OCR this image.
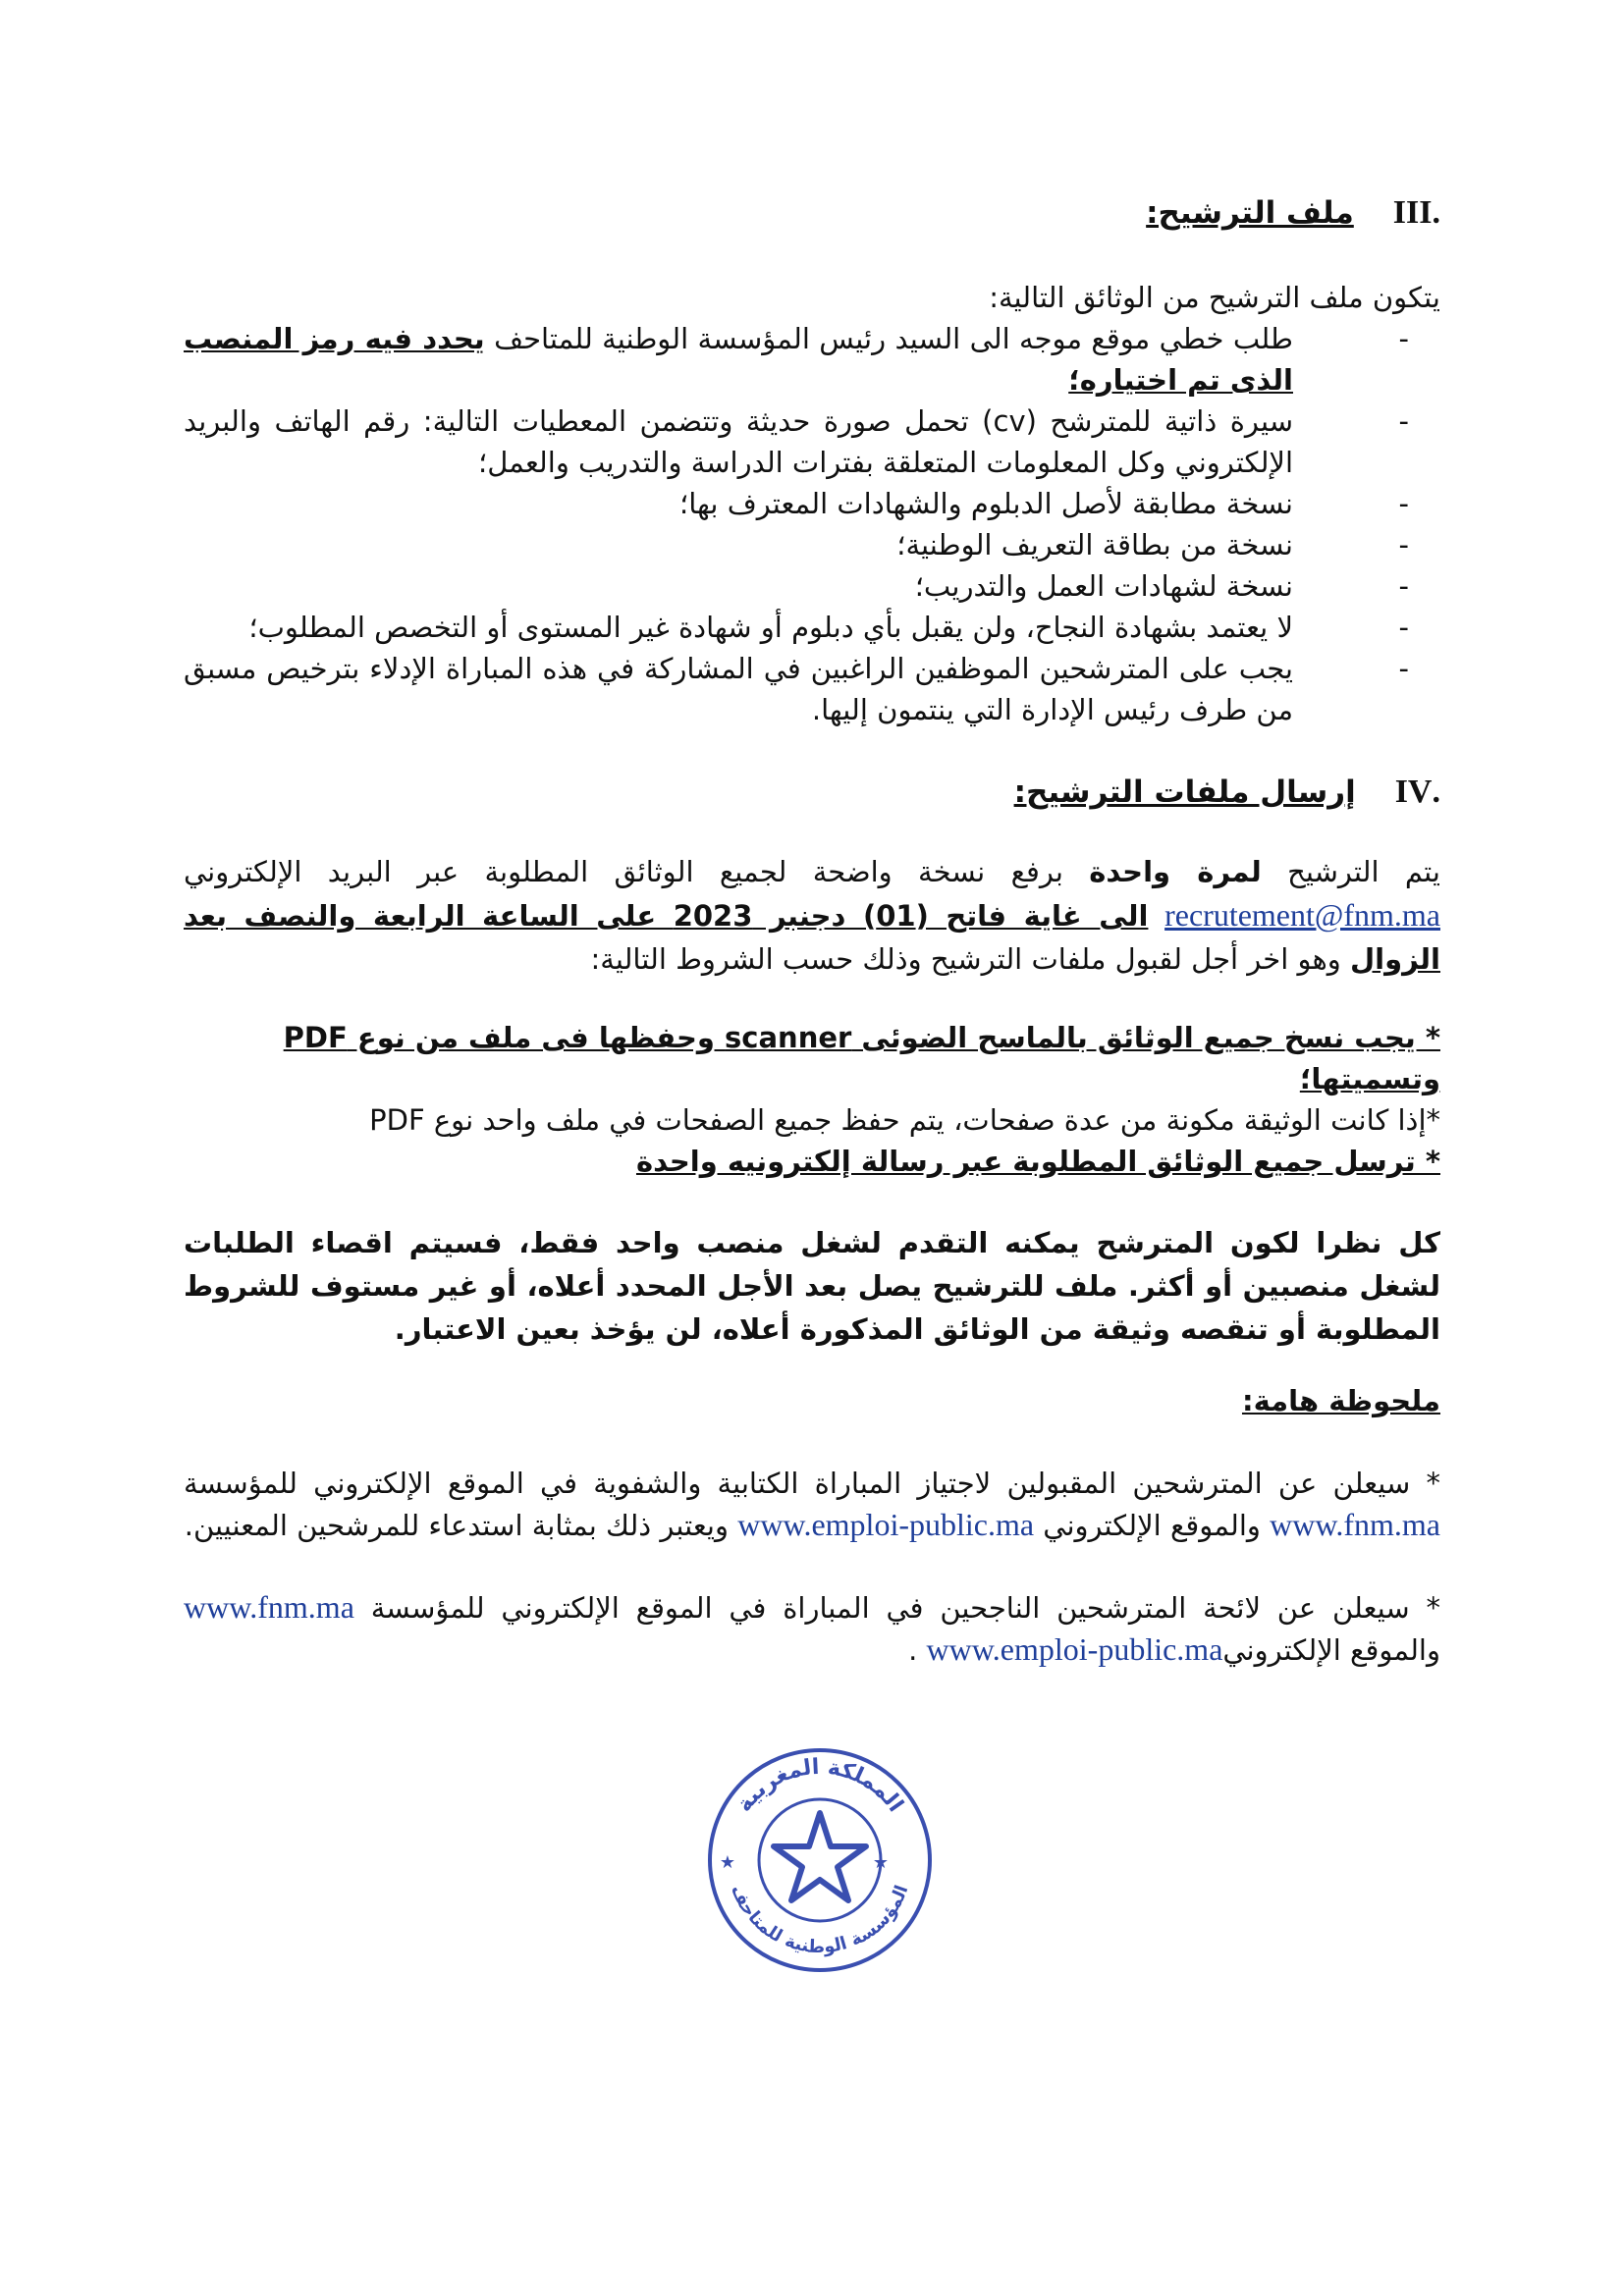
.III
ملف الترشيح:
يتكون ملف الترشيح من الوثائق التالية:
- طلب خطي موقع موجه الى السيد رئيس المؤسسة الوطنية للمتاحف يحدد فيه رمز المنصب الذى تم اختياره؛
- سيرة ذاتية للمترشح (cv) تحمل صورة حديثة وتتضمن المعطيات التالية: رقم الهاتف والبريد الإلكتروني وكل المعلومات المتعلقة بفترات الدراسة والتدريب والعمل؛
- نسخة مطابقة لأصل الدبلوم والشهادات المعترف بها؛
- نسخة من بطاقة التعريف الوطنية؛
- نسخة لشهادات العمل والتدريب؛
- لا يعتمد بشهادة النجاح، ولن يقبل بأي دبلوم أو شهادة غير المستوى أو التخصص المطلوب؛
- يجب على المترشحين الموظفين الراغبين في المشاركة في هذه المباراة الإدلاء بترخيص مسبق من طرف رئيس الإدارة التي ينتمون إليها.
.IV
إرسال ملفات الترشيح:
يتم الترشيح لمرة واحدة برفع نسخة واضحة لجميع الوثائق المطلوبة عبر البريد الإلكتروني recrutement@fnm.ma الى غاية فاتح (01) دجنبر 2023 على الساعة الرابعة والنصف بعد الزوال وهو اخر أجل لقبول ملفات الترشيح وذلك حسب الشروط التالية:
* يجب نسخ جميع الوثائق بالماسح الضوئى scanner وحفظها فى ملف من نوع PDF وتسميتها؛
*إذا كانت الوثيقة مكونة من عدة صفحات، يتم حفظ جميع الصفحات في ملف واحد نوع PDF
* ترسل جميع الوثائق المطلوبة عبر رسالة إلكترونيه واحدة
كل نظرا لكون المترشح يمكنه التقدم لشغل منصب واحد فقط، فسيتم اقصاء الطلبات لشغل منصبين أو أكثر. ملف للترشيح يصل بعد الأجل المحدد أعلاه، أو غير مستوف للشروط المطلوبة أو تنقصه وثيقة من الوثائق المذكورة أعلاه، لن يؤخذ بعين الاعتبار.
ملحوظة هامة:
* سيعلن عن المترشحين المقبولين لاجتياز المباراة الكتابية والشفوية في الموقع الإلكتروني للمؤسسة www.fnm.ma والموقع الإلكتروني www.emploi-public.ma ويعتبر ذلك بمثابة استدعاء للمرشحين المعنيين.
* سيعلن عن لائحة المترشحين الناجحين في المباراة في الموقع الإلكتروني للمؤسسة www.fnm.ma والموقع الإلكترونيwww.emploi-public.ma .
المملكة المغربية
المؤسسة الوطنية للمتاحف
★	★
